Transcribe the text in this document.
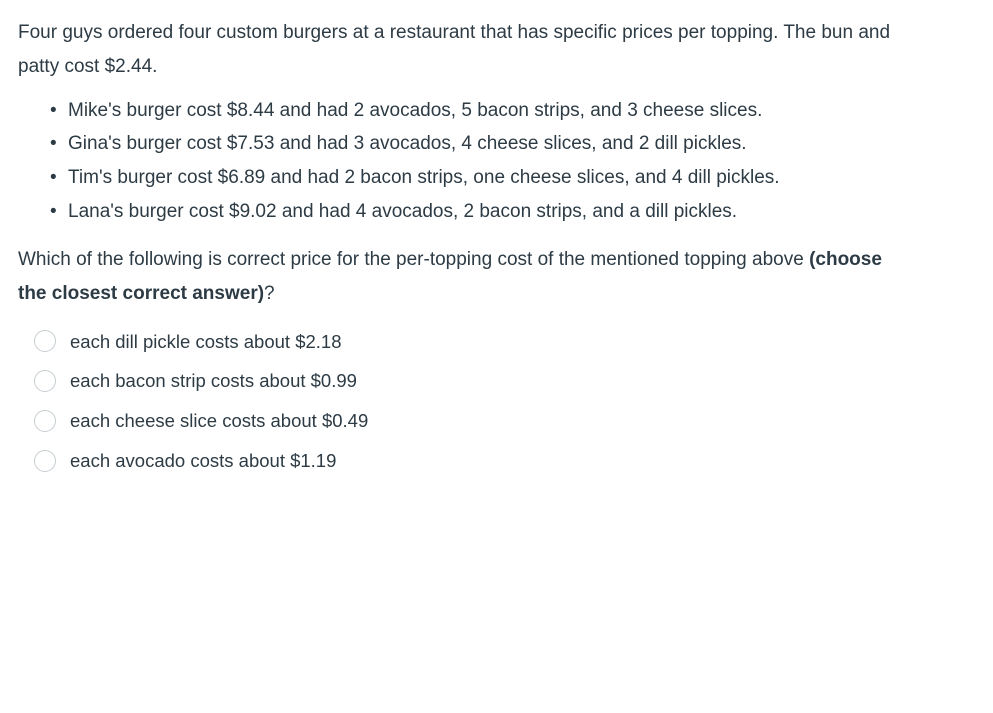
Four guys ordered four custom burgers at a restaurant that has specific prices per topping. The bun and patty cost $2.44.

• Mike's burger cost $8.44 and had 2 avocados, 5 bacon strips, and 3 cheese slices.
• Gina's burger cost $7.53 and had 3 avocados, 4 cheese slices, and 2 dill pickles.
• Tim's burger cost $6.89 and had 2 bacon strips, one cheese slices, and 4 dill pickles.
• Lana's burger cost $9.02 and had 4 avocados, 2 bacon strips, and a dill pickles.

Which of the following is correct price for the per-topping cost of the mentioned topping above (choose the closest correct answer)?

each dill pickle costs about $2.18
each bacon strip costs about $0.99
each cheese slice costs about $0.49
each avocado costs about $1.19
